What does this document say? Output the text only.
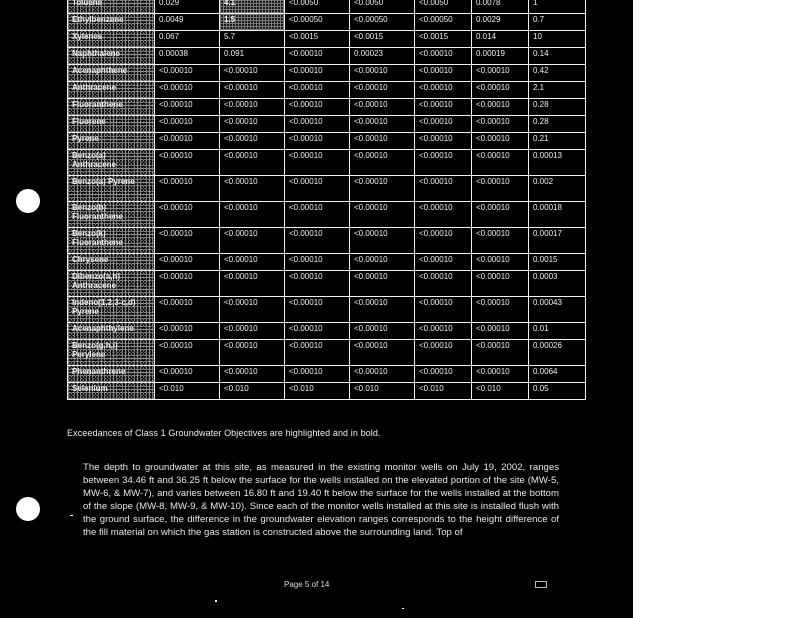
Toluene	0.029	4.1	<0.0050	<0.0050	<0.0050	0.0078	1
Ethylbenzene	0.0049	1.5	<0.00050	<0.00050	<0.00050	0.0029	0.7
Xylenes	0.067	5.7	<0.0015	<0.0015	<0.0015	0.014	10
Naphthalene	0.00038	0.091	<0.00010	0.00023	<0.00010	0.00019	0.14
Acenaphthene	<0.00010	<0.00010	<0.00010	<0.00010	<0.00010	<0.00010	0.42
Anthracene	<0.00010	<0.00010	<0.00010	<0.00010	<0.00010	<0.00010	2.1
Fluoranthene	<0.00010	<0.00010	<0.00010	<0.00010	<0.00010	<0.00010	0.28
Fluorene	<0.00010	<0.00010	<0.00010	<0.00010	<0.00010	<0.00010	0.28
Pyrene	<0.00010	<0.00010	<0.00010	<0.00010	<0.00010	<0.00010	0.21
Benzo(a) Anthracene	<0.00010	<0.00010	<0.00010	<0.00010	<0.00010	<0.00010	0.00013
Benzo(a) Pyrene	<0.00010	<0.00010	<0.00010	<0.00010	<0.00010	<0.00010	0.002
Benzo(b) Fluoranthene	<0.00010	<0.00010	<0.00010	<0.00010	<0.00010	<0.00010	0.00018
Benzo(k) Fluoranthene	<0.00010	<0.00010	<0.00010	<0.00010	<0.00010	<0.00010	0.00017
Chrysene	<0.00010	<0.00010	<0.00010	<0.00010	<0.00010	<0.00010	0.0015
Dibenzo(a,h) Anthracene	<0.00010	<0.00010	<0.00010	<0.00010	<0.00010	<0.00010	0.0003
Indeno(1,2,3-c,d) Pyrene	<0.00010	<0.00010	<0.00010	<0.00010	<0.00010	<0.00010	0.00043
Acenaphthylene	<0.00010	<0.00010	<0.00010	<0.00010	<0.00010	<0.00010	0.01
Benzo(g,h,i) Perylene	<0.00010	<0.00010	<0.00010	<0.00010	<0.00010	<0.00010	0.00026
Phenanthrene	<0.00010	<0.00010	<0.00010	<0.00010	<0.00010	<0.00010	0.0064
Selenium	<0.010	<0.010	<0.010	<0.010	<0.010	<0.010	0.05
Exceedances of Class 1 Groundwater Objectives are highlighted and in bold.
The depth to groundwater at this site, as measured in the existing monitor wells on July 19, 2002, ranges between 34.46 ft and 36.25 ft below the surface for the wells installed on the elevated portion of the site (MW-5, MW-6, & MW-7), and varies between 16.80 ft and 19.40 ft below the surface for the wells installed at the bottom of the slope (MW-8, MW-9, & MW-10). Since each of the monitor wells installed at this site is installed flush with the ground surface, the difference in the groundwater elevation ranges corresponds to the height difference of the fill material on which the gas station is constructed above the surrounding land. Top of
Page 5 of 14
